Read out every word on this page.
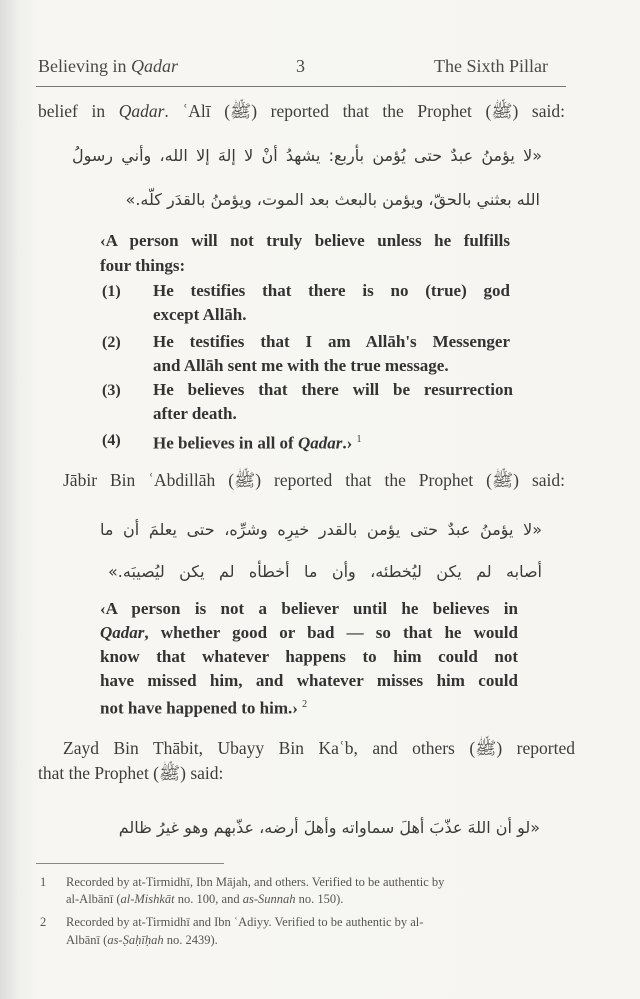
Believing in Qadar	3	The Sixth Pillar
belief in Qadar. ʿAlī (ﷺ) reported that the Prophet (ﷺ) said:
«لا يؤمنُ عبدٌ حتى يُؤمن بأربع: يشهدُ أنْ لا إلهَ إلا الله، وأني رسولُ
الله بعثني بالحقّ، ويؤمن بالبعث بعد الموت، ويؤمنُ بالقدَر كلّه.»
‹A person will not truly believe unless he fulfills
four things:
(1) He testifies that there is no (true) god
except Allāh.
(2) He testifies that I am Allāh's Messenger
and Allāh sent me with the true message.
(3) He believes that there will be resurrection
after death.
(4) He believes in all of Qadar.› $^1$
Jābir Bin ʿAbdillāh (ﷺ) reported that the Prophet (ﷺ) said:
«لا يؤمنُ عبدٌ حتى يؤمن بالقدر خيرِه وشرِّه، حتى يعلمَ أن ما
أصابه لم يكن ليُخطئه، وأن ما أخطأه لم يكن ليُصيبَه.»
‹A person is not a believer until he believes in
Qadar, whether good or bad — so that he would
know that whatever happens to him could not
have missed him, and whatever misses him could
not have happened to him.› $^2$
Zayd Bin Thābit, Ubayy Bin Kaʿb, and others (ﷺ) reported
that the Prophet (ﷺ) said:
«لو أن اللهَ عذّبَ أهلَ سماواته وأهلَ أرضه، عذّبهم وهو غيرُ ظالم
1 Recorded by at-Tirmidhī, Ibn Mājah, and others. Verified to be authentic by
al-Albānī (al-Mishkāt no. 100, and as-Sunnah no. 150).
2 Recorded by at-Tirmidhī and Ibn ʿAdiyy. Verified to be authentic by al-
Albānī (as-Ṣaḥīḥah no. 2439).
